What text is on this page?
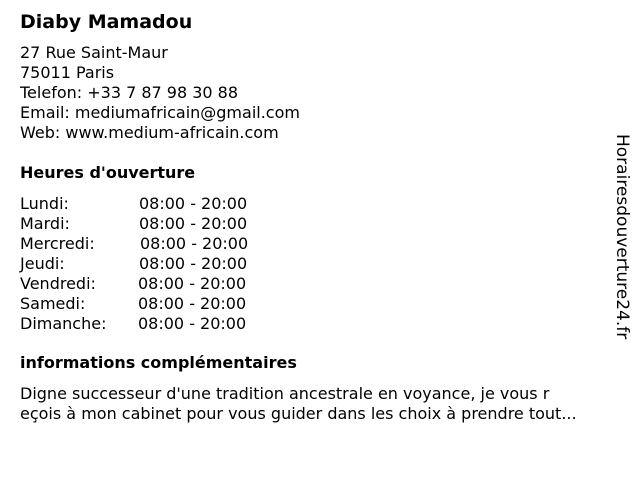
Diaby Mamadou
27 Rue Saint-Maur
75011 Paris
Telefon: +33 7 87 98 30 88
Email: mediumafricain@gmail.com
Web: www.medium-africain.com
Heures d'ouverture
Lundi:	08:00 - 20:00
Mardi:	08:00 - 20:00
Mercredi:	08:00 - 20:00
Jeudi:	08:00 - 20:00
Vendredi:	08:00 - 20:00
Samedi:	08:00 - 20:00
Dimanche: 08:00 - 20:00
informations complémentaires
Digne successeur d'une tradition ancestrale en voyance, je vous r
eçois à mon cabinet pour vous guider dans les choix à prendre tout...
Horairesdouverture24.fr
